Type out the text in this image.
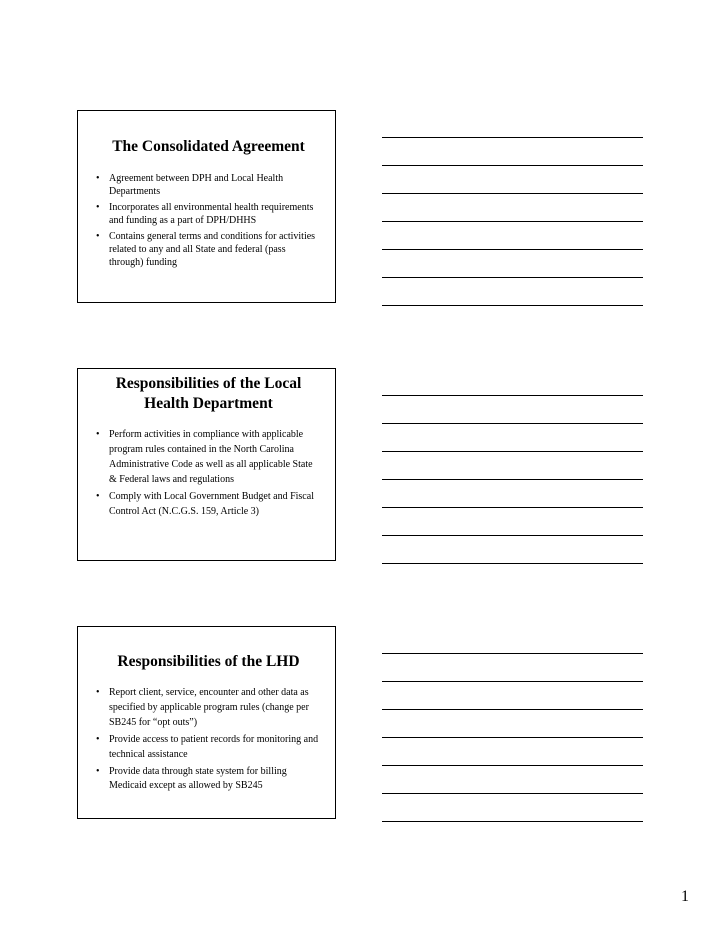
The Consolidated Agreement
• Agreement between DPH and Local Health Departments
• Incorporates all environmental health requirements and funding as a part of DPH/DHHS
• Contains general terms and conditions for activities related to any and all State and federal (pass through) funding
Responsibilities of the Local Health Department
• Perform activities in compliance with applicable program rules contained in the North Carolina Administrative Code as well as all applicable State & Federal laws and regulations
• Comply with Local Government Budget and Fiscal Control Act (N.C.G.S. 159, Article 3)
Responsibilities of the LHD
• Report client, service, encounter and other data as specified by applicable program rules (change per SB245 for “opt outs”)
• Provide access to patient records for monitoring and technical assistance
• Provide data through state system for billing Medicaid except as allowed by SB245
1
